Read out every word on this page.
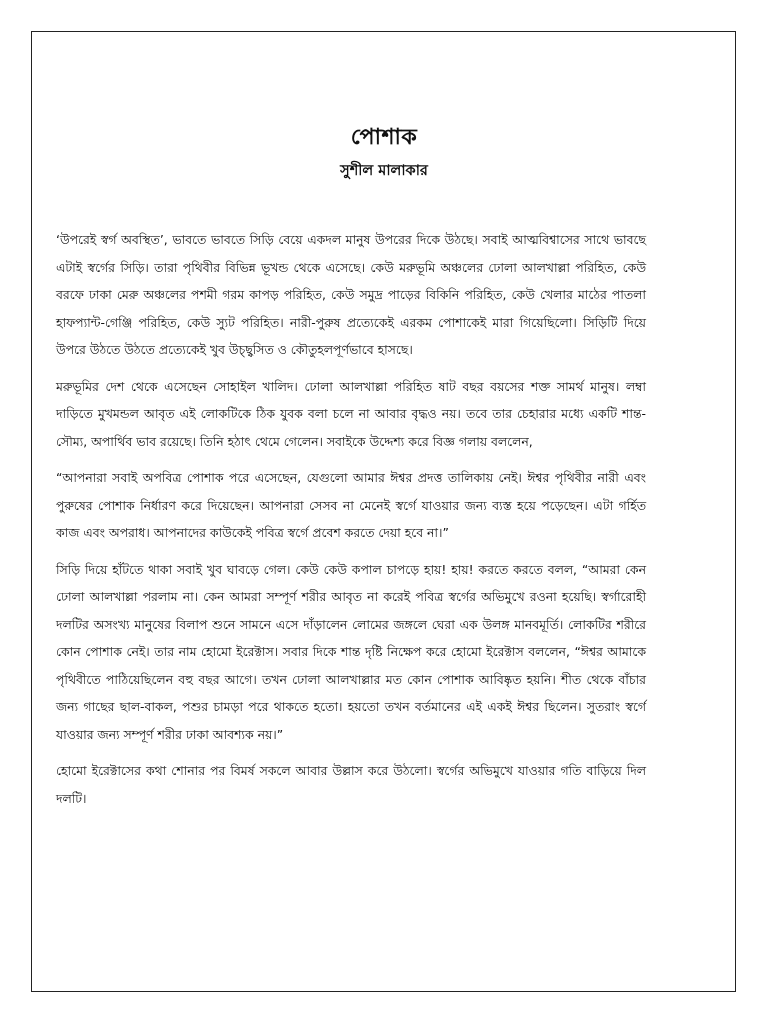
পোশাক
সুশীল মালাকার

‘উপরেই স্বর্গ অবস্থিত’, ভাবতে ভাবতে সিড়ি বেয়ে একদল মানুষ উপরের দিকে উঠছে। সবাই আত্মবিশ্বাসের সাথে ভাবছে এটাই স্বর্গের সিড়ি। তারা পৃথিবীর বিভিন্ন ভূখন্ড থেকে এসেছে। কেউ মরুভূমি অঞ্চলের ঢোলা আলখাল্লা পরিহিত, কেউ বরফে ঢাকা মেরু অঞ্চলের পশমী গরম কাপড় পরিহিত, কেউ সমুদ্র পাড়ের বিকিনি পরিহিত, কেউ খেলার মাঠের পাতলা হাফপ্যান্ট-গেঞ্জি পরিহিত, কেউ স্যুট পরিহিত। নারী-পুরুষ প্রত্যেকেই এরকম পোশাকেই মারা গিয়েছিলো। সিড়িটি দিয়ে উপরে উঠতে উঠতে প্রত্যেকেই খুব উচ্ছ্বসিত ও কৌতুহলপূর্ণভাবে হাসছে।

মরুভূমির দেশ থেকে এসেছেন সোহাইল খালিদ। ঢোলা আলখাল্লা পরিহিত ষাট বছর বয়সের শক্ত সামর্থ মানুষ। লম্বা দাড়িতে মুখমন্ডল আবৃত এই লোকটিকে ঠিক যুবক বলা চলে না আবার বৃদ্ধও নয়। তবে তার চেহারার মধ্যে একটি শান্ত-সৌম্য, অপার্থিব ভাব রয়েছে। তিনি হঠাৎ থেমে গেলেন। সবাইকে উদ্দেশ্য করে বিজ্ঞ গলায় বললেন,

“আপনারা সবাই অপবিত্র পোশাক পরে এসেছেন, যেগুলো আমার ঈশ্বর প্রদত্ত তালিকায় নেই। ঈশ্বর পৃথিবীর নারী এবং পুরুষের পোশাক নির্ধারণ করে দিয়েছেন। আপনারা সেসব না মেনেই স্বর্গে যাওয়ার জন্য ব্যস্ত হয়ে পড়েছেন। এটা গর্হিত কাজ এবং অপরাধ। আপনাদের কাউকেই পবিত্র স্বর্গে প্রবেশ করতে দেয়া হবে না।”

সিড়ি দিয়ে হাঁটতে থাকা সবাই খুব ঘাবড়ে গেল। কেউ কেউ কপাল চাপড়ে হায়! হায়! করতে করতে বলল, “আমরা কেন ঢোলা আলখাল্লা পরলাম না। কেন আমরা সম্পূর্ণ শরীর আবৃত না করেই পবিত্র স্বর্গের অভিমুখে রওনা হয়েছি। স্বর্গারোহী দলটির অসংখ্য মানুষের বিলাপ শুনে সামনে এসে দাঁড়ালেন লোমের জঙ্গলে ঘেরা এক উলঙ্গ মানবমূর্তি। লোকটির শরীরে কোন পোশাক নেই। তার নাম হোমো ইরেক্টাস। সবার দিকে শান্ত দৃষ্টি নিক্ষেপ করে হোমো ইরেক্টাস বললেন, “ঈশ্বর আমাকে পৃথিবীতে পাঠিয়েছিলেন বহু বছর আগে। তখন ঢোলা আলখাল্লার মত কোন পোশাক আবিষ্কৃত হয়নি। শীত থেকে বাঁচার জন্য গাছের ছাল-বাকল, পশুর চামড়া পরে থাকতে হতো। হয়তো তখন বর্তমানের এই একই ঈশ্বর ছিলেন। সুতরাং স্বর্গে যাওয়ার জন্য সম্পূর্ণ শরীর ঢাকা আবশ্যক নয়।”

হোমো ইরেক্টাসের কথা শোনার পর বিমর্ষ সকলে আবার উল্লাস করে উঠলো। স্বর্গের অভিমুখে যাওয়ার গতি বাড়িয়ে দিল দলটি।
